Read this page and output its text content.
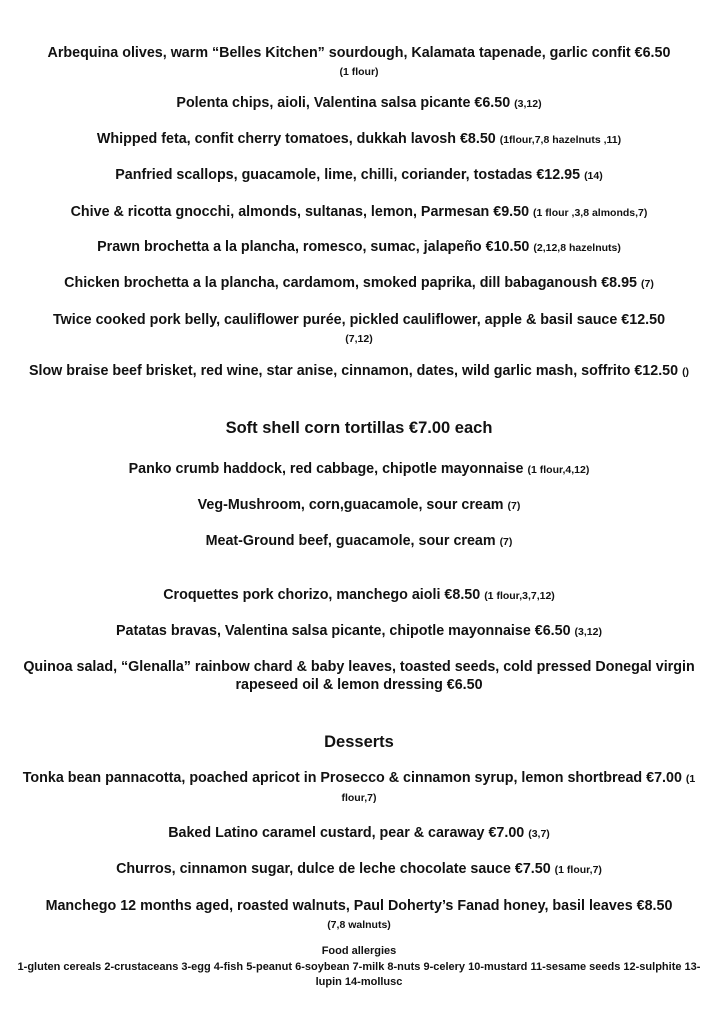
Arbequina olives, warm “Belles Kitchen” sourdough, Kalamata tapenade, garlic confit €6.50
(1 flour)
Polenta chips, aioli, Valentina salsa picante €6.50 (3,12)
Whipped feta, confit cherry tomatoes, dukkah lavosh €8.50 (1flour,7,8 hazelnuts ,11)
Panfried scallops, guacamole, lime, chilli, coriander, tostadas €12.95 (14)
Chive & ricotta gnocchi, almonds, sultanas, lemon, Parmesan €9.50 (1 flour ,3,8 almonds,7)
Prawn brochetta a la plancha, romesco, sumac, jalapeño €10.50 (2,12,8 hazelnuts)
Chicken brochetta a la plancha, cardamom, smoked paprika, dill babaganoush €8.95 (7)
Twice cooked pork belly, cauliflower purée, pickled cauliflower, apple & basil sauce €12.50
(7,12)
Slow braise beef brisket, red wine, star anise, cinnamon, dates, wild garlic mash, soffrito €12.50 ()
Soft shell corn tortillas €7.00 each
Panko crumb haddock, red cabbage, chipotle mayonnaise (1 flour,4,12)
Veg-Mushroom, corn,guacamole, sour cream (7)
Meat-Ground beef, guacamole, sour cream (7)
Croquettes pork chorizo, manchego aioli €8.50 (1 flour,3,7,12)
Patatas bravas, Valentina salsa picante, chipotle mayonnaise €6.50 (3,12)
Quinoa salad, “Glenalla” rainbow chard & baby leaves, toasted seeds, cold pressed Donegal virgin rapeseed oil & lemon dressing €6.50
Desserts
Tonka bean pannacotta, poached apricot in Prosecco & cinnamon syrup, lemon shortbread €7.00 (1 flour,7)
Baked Latino caramel custard, pear & caraway €7.00 (3,7)
Churros, cinnamon sugar, dulce de leche chocolate sauce €7.50 (1 flour,7)
Manchego 12 months aged, roasted walnuts, Paul Doherty’s Fanad honey, basil leaves €8.50
(7,8 walnuts)
Food allergies
1-gluten cereals 2-crustaceans 3-egg 4-fish 5-peanut 6-soybean 7-milk 8-nuts 9-celery 10-mustard 11-sesame seeds 12-sulphite 13-lupin 14-mollusc
